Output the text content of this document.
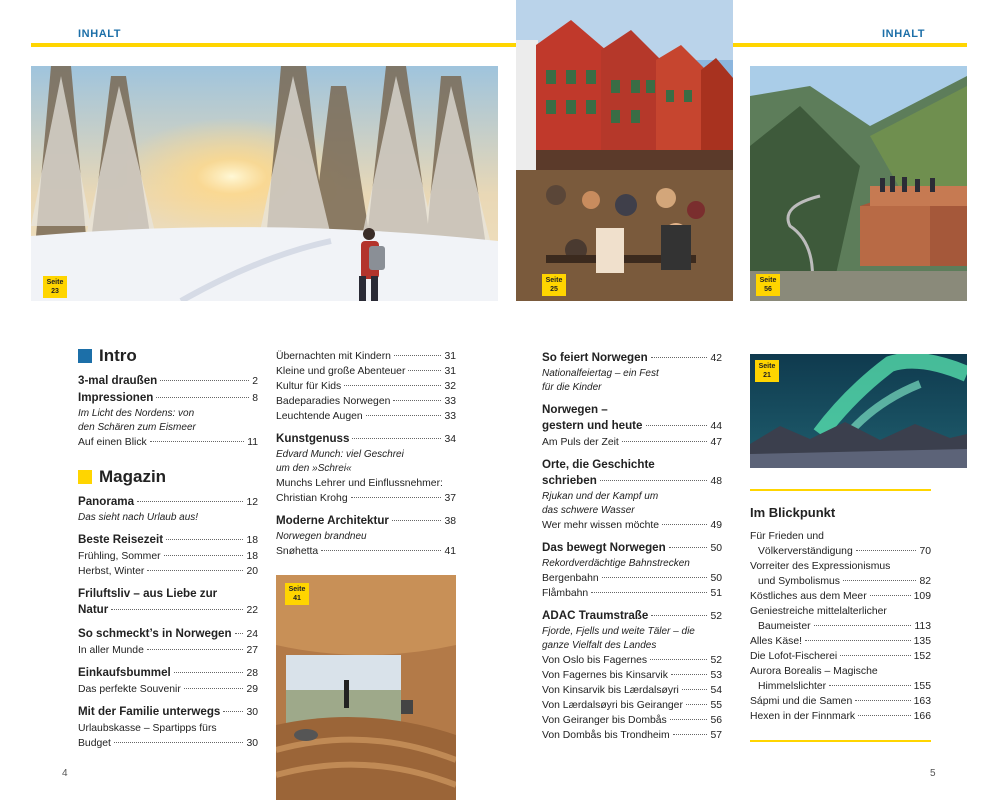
INHALT	INHALT
Seite
23
Seite
25
Seite
56
Seite
41
Seite
21
Intro
3-mal draußen	2
Impressionen	8
Im Licht des Nordens: von
den Schären zum Eismeer
Auf einen Blick	11
Magazin
Panorama	12
Das sieht nach Urlaub aus!
Beste Reisezeit	18
Frühling, Sommer	18
Herbst, Winter	20
Friluftsliv – aus Liebe zur
Natur	22
So schmeckt’s in Norwegen 24
In aller Munde	27
Einkaufsbummel	28
Das perfekte Souvenir	29
Mit der Familie unterwegs	30
Urlaubskasse – Spartipps fürs
Budget	30
Übernachten mit Kindern	31
Kleine und große Abenteuer	31
Kultur für Kids	32
Badeparadies Norwegen	33
Leuchtende Augen	33
Kunstgenuss	34
Edvard Munch: viel Geschrei
um den »Schrei«
Munchs Lehrer und Einflussnehmer:
Christian Krohg	37
Moderne Architektur	38
Norwegen brandneu
Snøhetta	41
So feiert Norwegen	42
Nationalfeiertag – ein Fest
für die Kinder
Norwegen –
gestern und heute	44
Am Puls der Zeit	47
Orte, die Geschichte
schrieben	48
Rjukan und der Kampf um
das schwere Wasser
Wer mehr wissen möchte	49
Das bewegt Norwegen	50
Rekordverdächtige Bahnstrecken
Bergenbahn	50
Flåmbahn	51
ADAC Traumstraße	52
Fjorde, Fjells und weite Täler – die
ganze Vielfalt des Landes
Von Oslo bis Fagernes	52
Von Fagernes bis Kinsarvik	53
Von Kinsarvik bis Lærdalsøyri	54
Von Lærdalsøyri bis Geiranger	55
Von Geiranger bis Dombås	56
Von Dombås bis Trondheim	57
Im Blickpunkt
Für Frieden und
Völkerverständigung	70
Vorreiter des Expressionismus
und Symbolismus	82
Köstliches aus dem Meer	109
Geniestreiche mittelalterlicher
Baumeister	113
Alles Käse!	135
Die Lofot-Fischerei	152
Aurora Borealis – Magische
Himmelslichter	155
Sápmi und die Samen	163
Hexen in der Finnmark	166
4	5
